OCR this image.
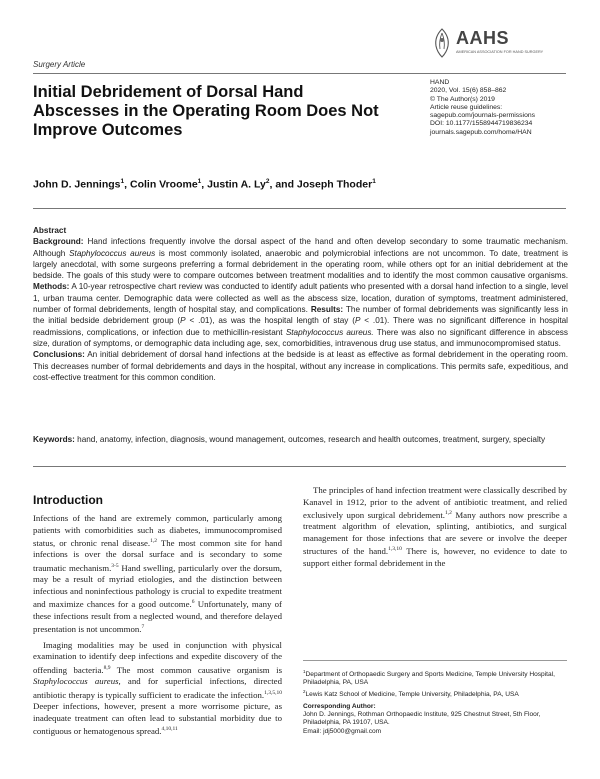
Surgery Article
AAHS
AMERICAN ASSOCIATION FOR HAND SURGERY
HAND
2020, Vol. 15(6) 858–862
© The Author(s) 2019
Article reuse guidelines:
sagepub.com/journals-permissions
DOI: 10.1177/1558944719836234
journals.sagepub.com/home/HAN
Initial Debridement of Dorsal Hand Abscesses in the Operating Room Does Not Improve Outcomes
John D. Jennings$^1$, Colin Vroome$^1$, Justin A. Ly$^2$, and Joseph Thoder$^1$
Abstract
Background: Hand infections frequently involve the dorsal aspect of the hand and often develop secondary to some traumatic mechanism. Although Staphylococcus aureus is most commonly isolated, anaerobic and polymicrobial infections are not uncommon. To date, treatment is largely anecdotal, with some surgeons preferring a formal debridement in the operating room, while others opt for an initial debridement at the bedside. The goals of this study were to compare outcomes between treatment modalities and to identify the most common causative organisms. Methods: A 10-year retrospective chart review was conducted to identify adult patients who presented with a dorsal hand infection to a single, level 1, urban trauma center. Demographic data were collected as well as the abscess size, location, duration of symptoms, treatment administered, number of formal debridements, length of hospital stay, and complications. Results: The number of formal debridements was significantly less in the initial bedside debridement group (P < .01), as was the hospital length of stay (P < .01). There was no significant difference in hospital readmissions, complications, or infection due to methicillin-resistant Staphylococcus aureus. There was also no significant difference in abscess size, duration of symptoms, or demographic data including age, sex, comorbidities, intravenous drug use status, and immunocompromised status.
Conclusions: An initial debridement of dorsal hand infections at the bedside is at least as effective as formal debridement in the operating room. This decreases number of formal debridements and days in the hospital, without any increase in complications. This permits safe, expeditious, and cost-effective treatment for this common condition.
Keywords: hand, anatomy, infection, diagnosis, wound management, outcomes, research and health outcomes, treatment, surgery, specialty
Introduction

Infections of the hand are extremely common, particularly among patients with comorbidities such as diabetes, immunocompromised status, or chronic renal disease.$^{1,2}$ The most common site for hand infections is over the dorsal surface and is secondary to some traumatic mechanism.$^{3-5}$ Hand swelling, particularly over the dorsum, may be a result of myriad etiologies, and the distinction between infectious and noninfectious pathology is crucial to expedite treatment and maximize chances for a good outcome.$^6$ Unfortunately, many of these infections result from a neglected wound, and therefore delayed presentation is not uncommon.$^7$

Imaging modalities may be used in conjunction with physical examination to identify deep infections and expedite discovery of the offending bacteria.$^{8,9}$ The most common causative organism is Staphylococcus aureus, and for superficial infections, directed antibiotic therapy is typically sufficient to eradicate the infection.$^{1,3,5,10}$ Deeper infections, however, present a more worrisome picture, as inadequate treatment can often lead to substantial morbidity due to contiguous or hematogenous spread.$^{4,10,11}$

The principles of hand infection treatment were classically described by Kanavel in 1912, prior to the advent of antibiotic treatment, and relied exclusively upon surgical debridement.$^{1,2}$ Many authors now prescribe a treatment algorithm of elevation, splinting, antibiotics, and surgical management for those infections that are severe or involve the deeper structures of the hand.$^{1,3,10}$ There is, however, no evidence to date to support either formal debridement in the

$^1$Department of Orthopaedic Surgery and Sports Medicine, Temple University Hospital, Philadelphia, PA, USA
$^2$Lewis Katz School of Medicine, Temple University, Philadelphia, PA, USA
Corresponding Author:
John D. Jennings, Rothman Orthopaedic Institute, 925 Chestnut Street, 5th Floor, Philadelphia, PA 19107, USA.
Email: jdj5000@gmail.com
